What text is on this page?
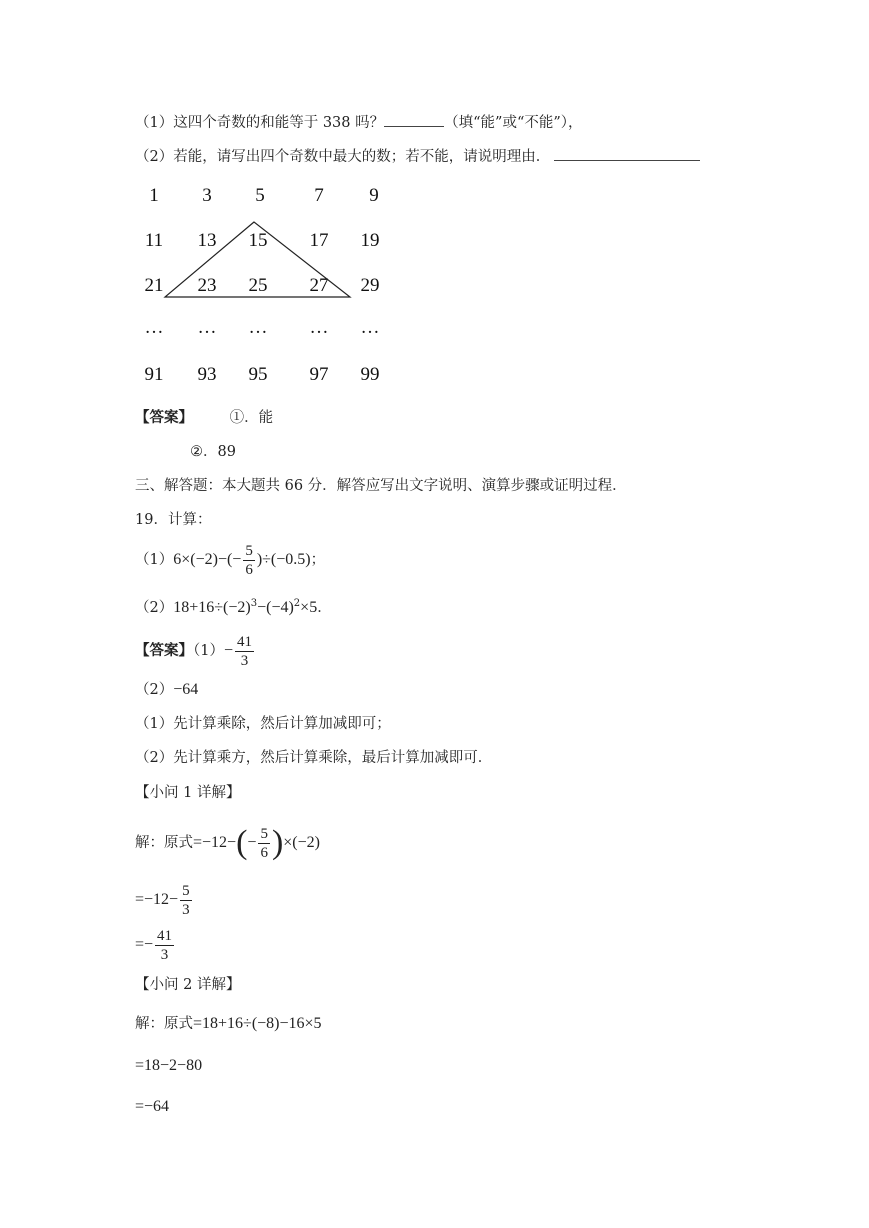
（1）这四个奇数的和能等于 338 吗？	（填“能”或“不能”），
（2）若能，请写出四个奇数中最大的数；若不能，请说明理由．
1	3	5	7	9
11	13	15	17	19
21	23	25	27	29
…	…	…	…	…
91	93	95	97	99
【答案】	①．能
②．89
三、解答题：本大题共 66 分．解答应写出文字说明、演算步骤或证明过程．
19．计算：
$(1)6\times(-2)-(- \frac{5}{6} )\div(-0.5)$；
$(2)18+16\div(-2)^3-(-4)^2\times 5$．
【答案】$(1)- \frac{41}{3}$
（2）−64
（1）先计算乘除，然后计算加减即可；
（2）先计算乘方，然后计算乘除，最后计算加减即可．
【小问 1 详解】
解：原式$=-12-(- \frac{5}{6} )\times(-2)$
$=-12- \frac{5}{3}$
=− $\frac{41}{3}$
【小问 2 详解】
解：原式=18+16÷(−8)−16×5
=18−2−80
=−64
